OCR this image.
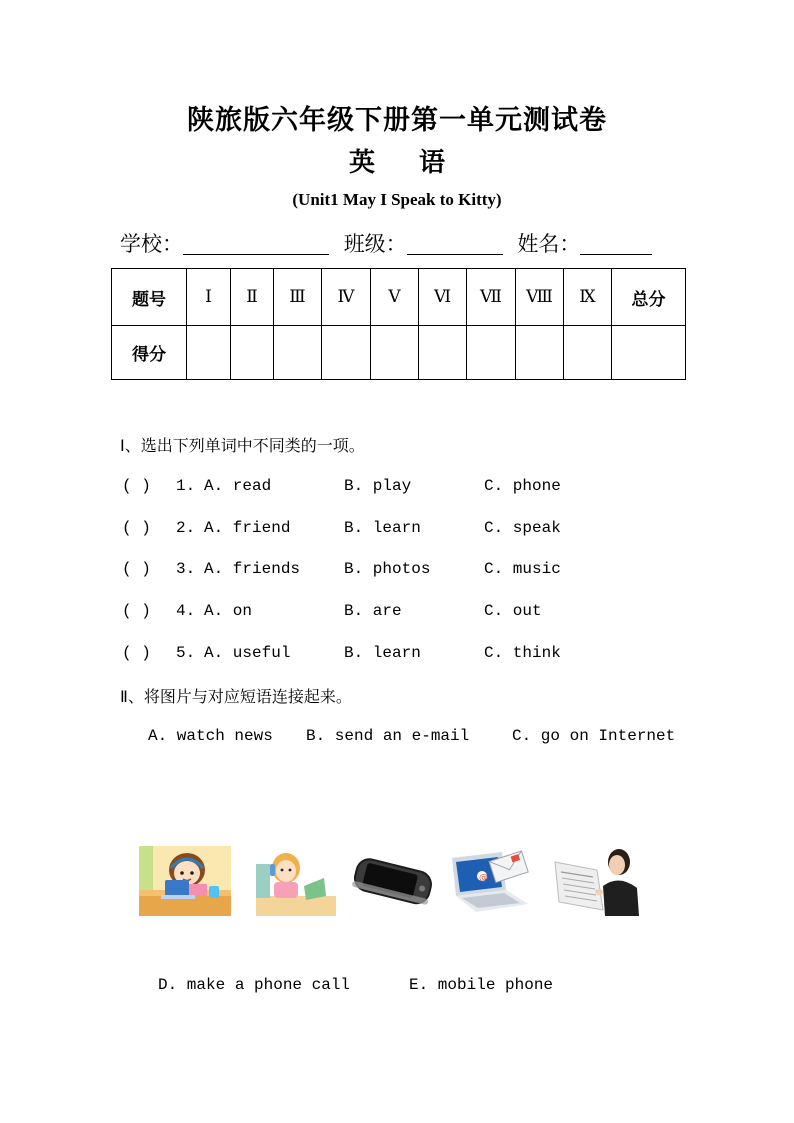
陕旅版六年级下册第一单元测试卷
英 语
(Unit1 May I Speak to Kitty)
学校：	班级：	姓名：
题号	Ⅰ	Ⅱ	Ⅲ	Ⅳ	Ⅴ	Ⅵ	Ⅶ	Ⅷ	Ⅸ	总分
得分										
Ⅰ、选出下列单词中不同类的一项。
( ) 1. A. read	B. play	C. phone
( ) 2. A. friend	B. learn	C. speak
( ) 3. A. friends	B. photos	C. music
( ) 4. A. on	B. are	C. out
( ) 5. A. useful	B. learn	C. think
Ⅱ、将图片与对应短语连接起来。
A. watch news B. send an e-mail	C. go on Internet
@
D. make a phone call	E. mobile phone
